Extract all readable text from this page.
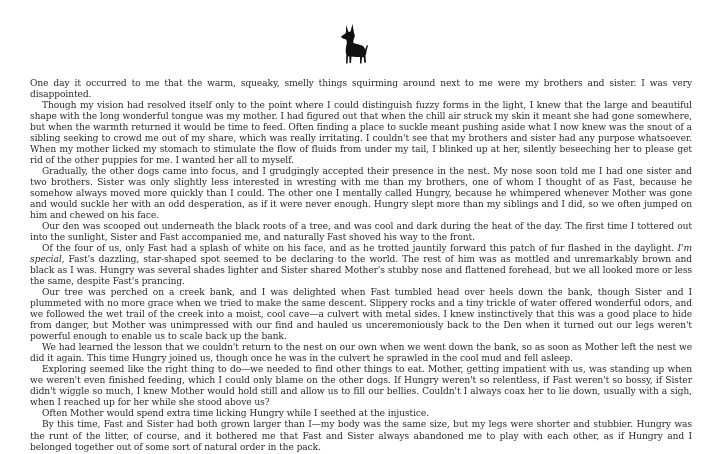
One day it occurred to me that the warm, squeaky, smelly things squirming around next to me were my brothers and sister. I was very disappointed.

Though my vision had resolved itself only to the point where I could distinguish fuzzy forms in the light, I knew that the large and beautiful shape with the long wonderful tongue was my mother. I had figured out that when the chill air struck my skin it meant she had gone somewhere, but when the warmth returned it would be time to feed. Often finding a place to suckle meant pushing aside what I now knew was the snout of a sibling seeking to crowd me out of my share, which was really irritating. I couldn't see that my brothers and sister had any purpose whatsoever. When my mother licked my stomach to stimulate the flow of fluids from under my tail, I blinked up at her, silently beseeching her to please get rid of the other puppies for me. I wanted her all to myself.

Gradually, the other dogs came into focus, and I grudgingly accepted their presence in the nest. My nose soon told me I had one sister and two brothers. Sister was only slightly less interested in wresting with me than my brothers, one of whom I thought of as Fast, because he somehow always moved more quickly than I could. The other one I mentally called Hungry, because he whimpered whenever Mother was gone and would suckle her with an odd desperation, as if it were never enough. Hungry slept more than my siblings and I did, so we often jumped on him and chewed on his face.

Our den was scooped out underneath the black roots of a tree, and was cool and dark during the heat of the day. The first time I tottered out into the sunlight, Sister and Fast accompanied me, and naturally Fast shoved his way to the front.

Of the four of us, only Fast had a splash of white on his face, and as he trotted jauntily forward this patch of fur flashed in the daylight. I'm special, Fast's dazzling, star-shaped spot seemed to be declaring to the world. The rest of him was as mottled and unremarkably brown and black as I was. Hungry was several shades lighter and Sister shared Mother's stubby nose and flattened forehead, but we all looked more or less the same, despite Fast's prancing.

Our tree was perched on a creek bank, and I was delighted when Fast tumbled head over heels down the bank, though Sister and I plummeted with no more grace when we tried to make the same descent. Slippery rocks and a tiny trickle of water offered wonderful odors, and we followed the wet trail of the creek into a moist, cool cave—a culvert with metal sides. I knew instinctively that this was a good place to hide from danger, but Mother was unimpressed with our find and hauled us unceremoniously back to the Den when it turned out our legs weren't powerful enough to enable us to scale back up the bank.

We had learned the lesson that we couldn't return to the nest on our own when we went down the bank, so as soon as Mother left the nest we did it again. This time Hungry joined us, though once he was in the culvert he sprawled in the cool mud and fell asleep.

Exploring seemed like the right thing to do—we needed to find other things to eat. Mother, getting impatient with us, was standing up when we weren't even finished feeding, which I could only blame on the other dogs. If Hungry weren't so relentless, if Fast weren't so bossy, if Sister didn't wiggle so much, I knew Mother would hold still and allow us to fill our bellies. Couldn't I always coax her to lie down, usually with a sigh, when I reached up for her while she stood above us?

Often Mother would spend extra time licking Hungry while I seethed at the injustice.

By this time, Fast and Sister had both grown larger than I—my body was the same size, but my legs were shorter and stubbier. Hungry was the runt of the litter, of course, and it bothered me that Fast and Sister always abandoned me to play with each other, as if Hungry and I belonged together out of some sort of natural order in the pack.
